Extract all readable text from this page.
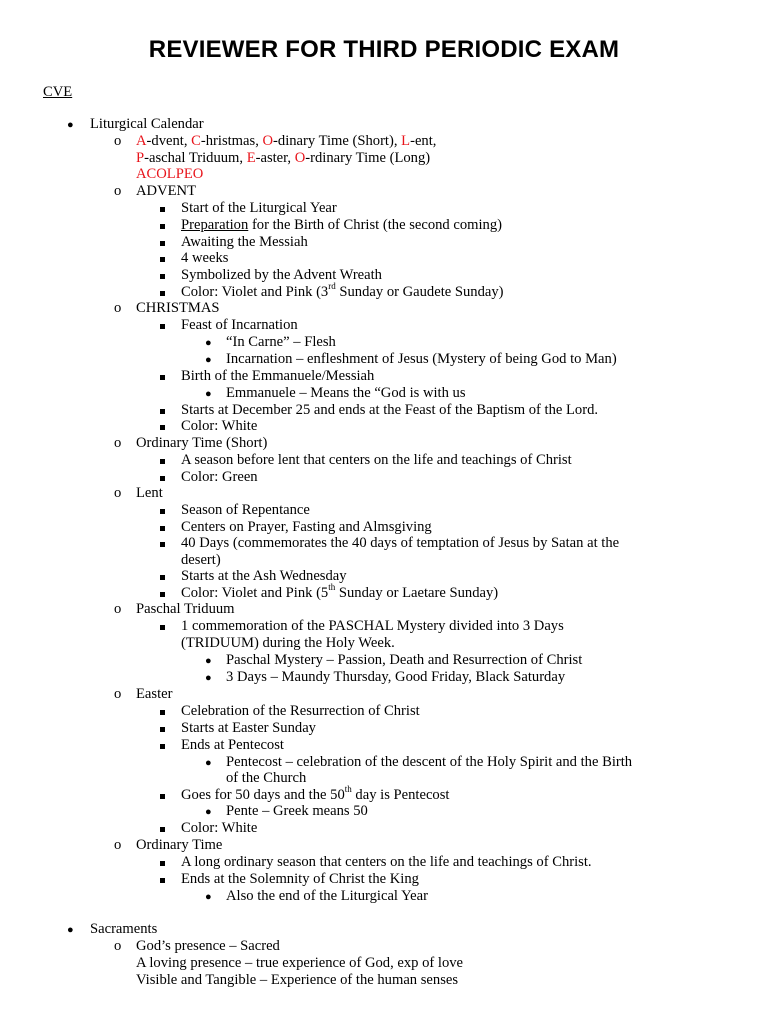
REVIEWER FOR THIRD PERIODIC EXAM
CVE
● Liturgical Calendar
o A-dvent, C-hristmas, O-dinary Time (Short), L-ent,
P-aschal Triduum, E-aster, O-rdinary Time (Long)
ACOLPEO
o ADVENT
Start of the Liturgical Year
Preparation for the Birth of Christ (the second coming)
Awaiting the Messiah
4 weeks
Symbolized by the Advent Wreath
Color: Violet and Pink (3rd Sunday or Gaudete Sunday)
o CHRISTMAS
Feast of Incarnation
● “In Carne” – Flesh
● Incarnation – enfleshment of Jesus (Mystery of being God to Man)
Birth of the Emmanuele/Messiah
● Emmanuele – Means the “God is with us
Starts at December 25 and ends at the Feast of the Baptism of the Lord.
Color: White
o Ordinary Time (Short)
A season before lent that centers on the life and teachings of Christ
Color: Green
o Lent
Season of Repentance
Centers on Prayer, Fasting and Almsgiving
40 Days (commemorates the 40 days of temptation of Jesus by Satan at the
desert)
Starts at the Ash Wednesday
Color: Violet and Pink (5th Sunday or Laetare Sunday)
o Paschal Triduum
1 commemoration of the PASCHAL Mystery divided into 3 Days
(TRIDUUM) during the Holy Week.
● Paschal Mystery – Passion, Death and Resurrection of Christ
● 3 Days – Maundy Thursday, Good Friday, Black Saturday
o Easter
Celebration of the Resurrection of Christ
Starts at Easter Sunday
Ends at Pentecost
● Pentecost – celebration of the descent of the Holy Spirit and the Birth
of the Church
Goes for 50 days and the 50th day is Pentecost
● Pente – Greek means 50
Color: White
o Ordinary Time
A long ordinary season that centers on the life and teachings of Christ.
Ends at the Solemnity of Christ the King
● Also the end of the Liturgical Year
● Sacraments
o God’s presence – Sacred
A loving presence – true experience of God, exp of love
Visible and Tangible – Experience of the human senses
